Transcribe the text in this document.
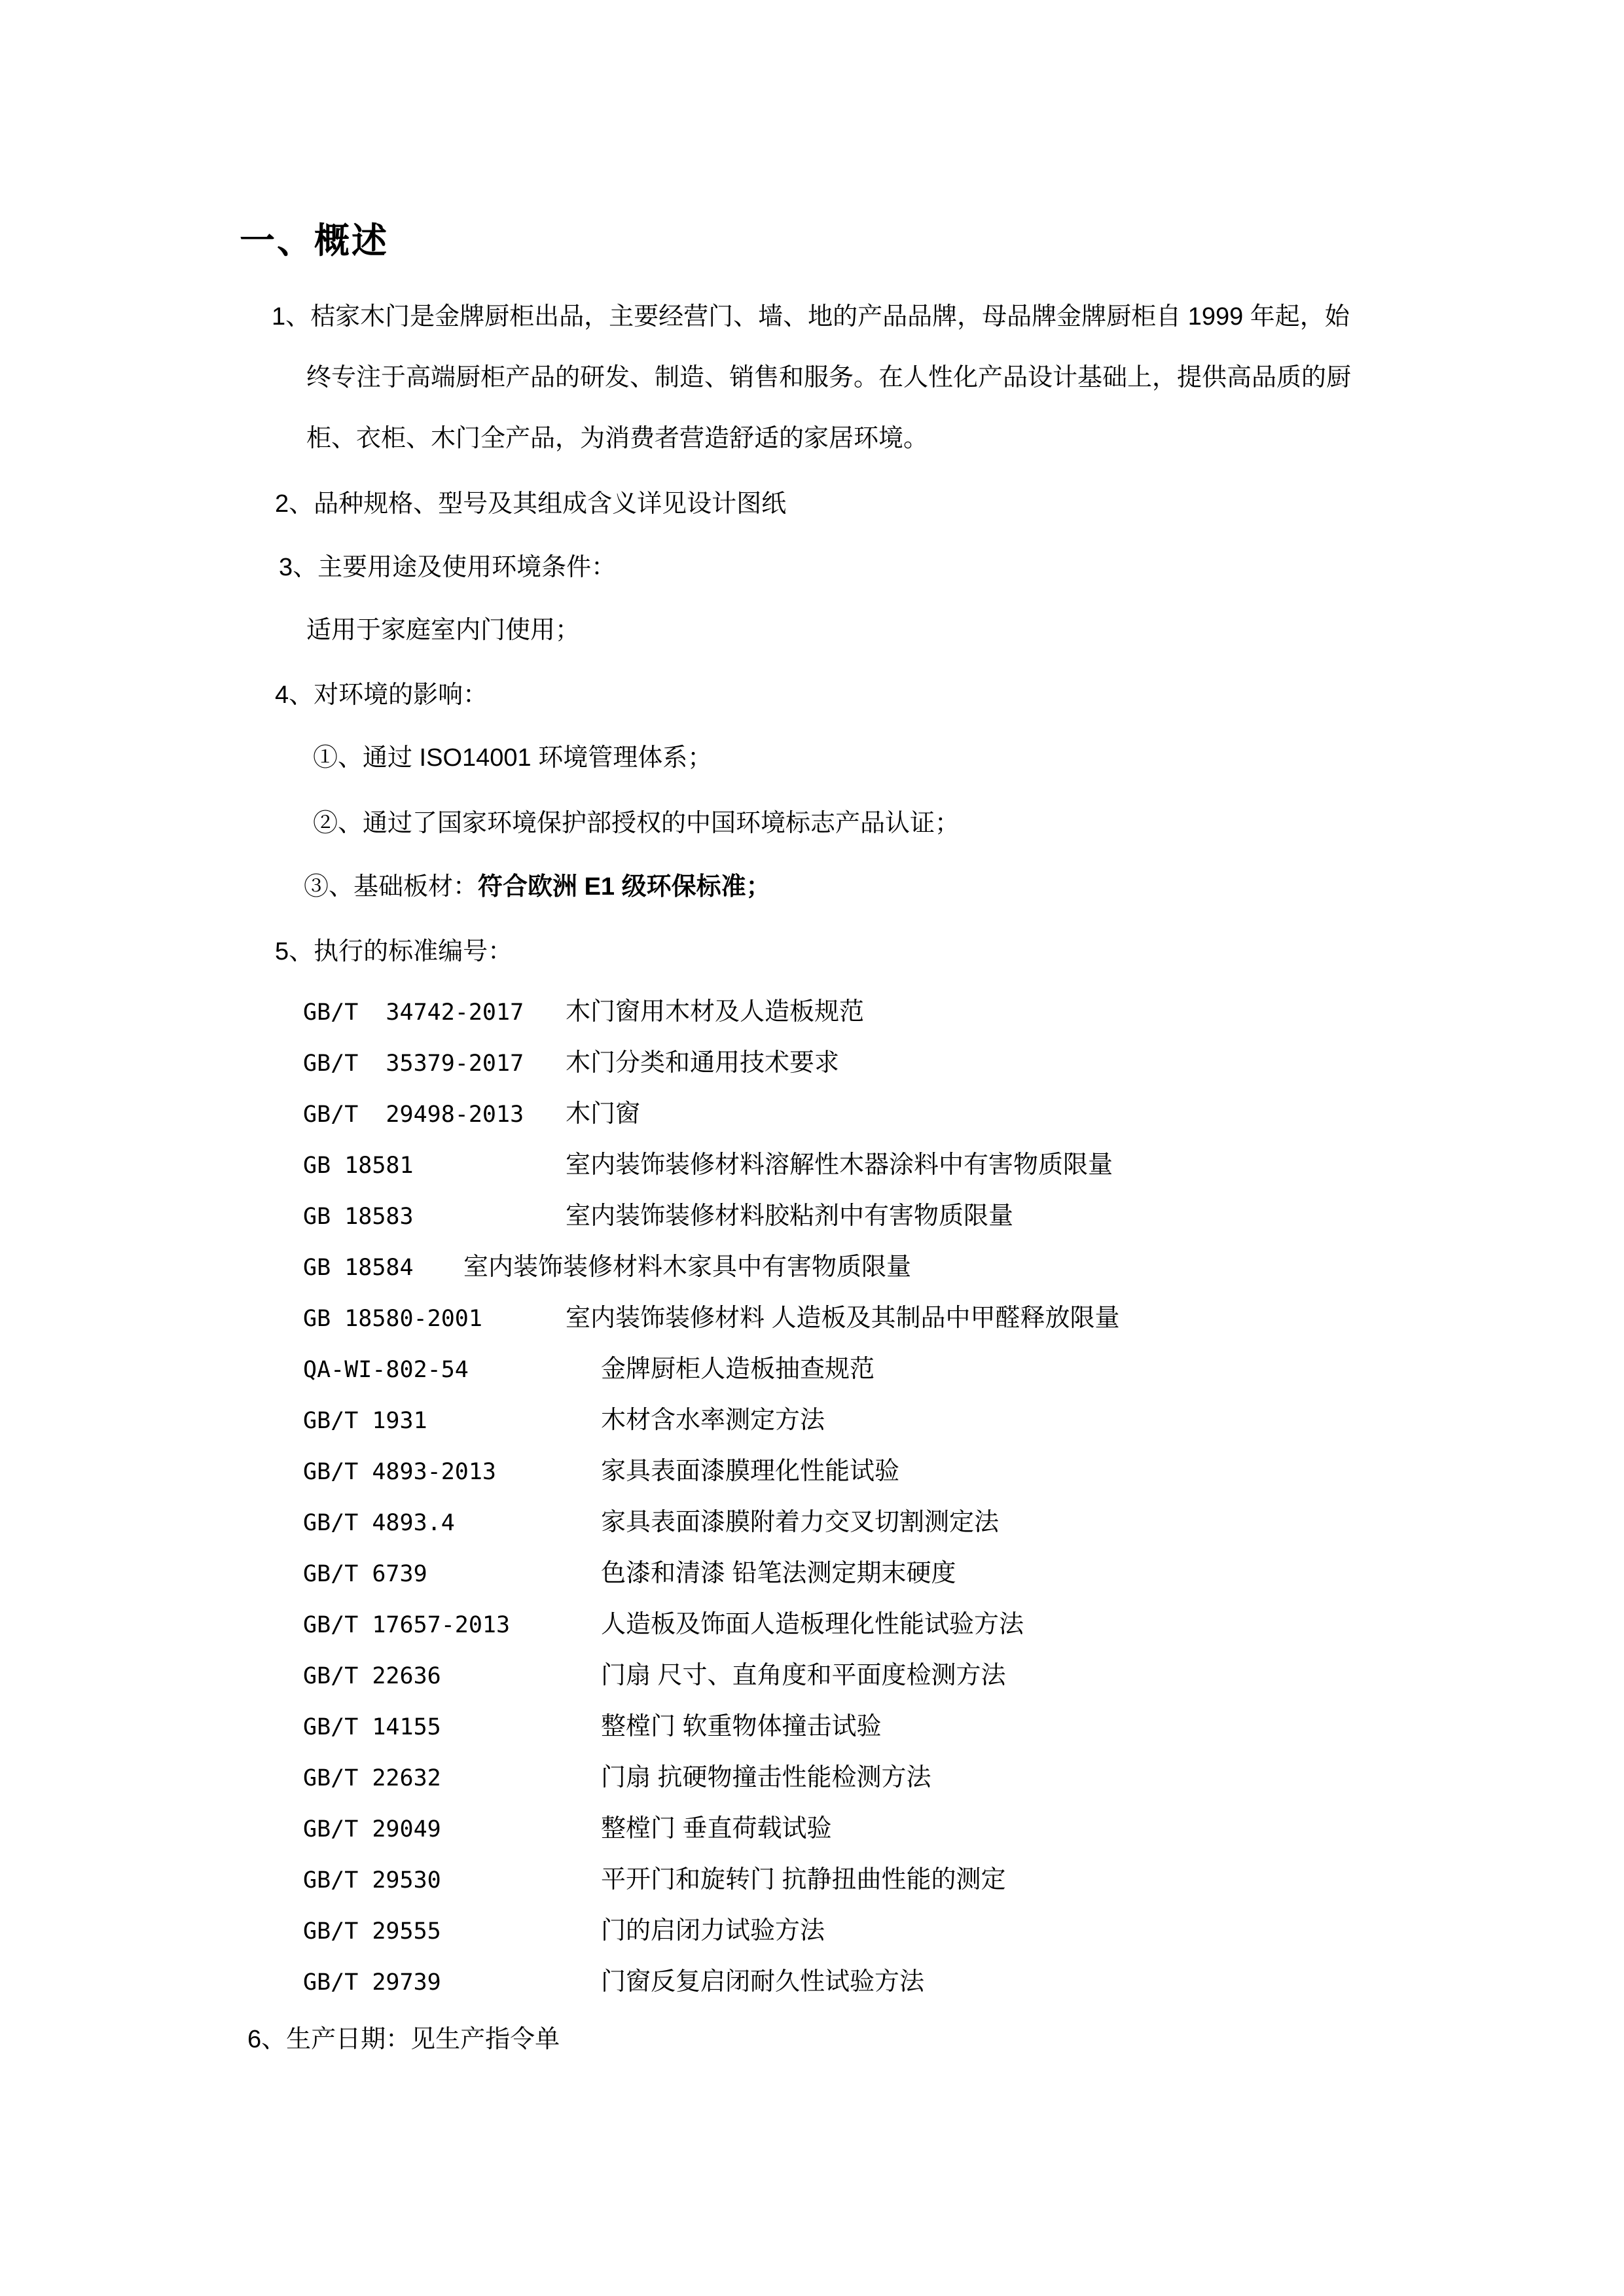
一、概述
1、桔家木门是金牌厨柜出品，主要经营门、墙、地的产品品牌，母品牌金牌厨柜自 1999 年起，始
终专注于高端厨柜产品的研发、制造、销售和服务。在人性化产品设计基础上，提供高品质的厨
柜、衣柜、木门全产品，为消费者营造舒适的家居环境。
2、品种规格、型号及其组成含义详见设计图纸
3、主要用途及使用环境条件：
适用于家庭室内门使用；
4、对环境的影响：
①、通过 ISO14001 环境管理体系；
②、通过了国家环境保护部授权的中国环境标志产品认证；
③、基础板材：符合欧洲 E1 级环保标准；
5、执行的标准编号：
GB/T  34742-2017 木门窗用木材及人造板规范
GB/T  35379-2017 木门分类和通用技术要求
GB/T  29498-2013 木门窗
GB 18581	室内装饰装修材料溶解性木器涂料中有害物质限量
GB 18583	室内装饰装修材料胶粘剂中有害物质限量
GB 18584 室内装饰装修材料木家具中有害物质限量
GB 18580-2001	室内装饰装修材料 人造板及其制品中甲醛释放限量
QA-WI-802-54	金牌厨柜人造板抽查规范
GB/T 1931	木材含水率测定方法
GB/T 4893-2013	家具表面漆膜理化性能试验
GB/T 4893.4	家具表面漆膜附着力交叉切割测定法
GB/T 6739	色漆和清漆 铅笔法测定期末硬度
GB/T 17657-2013	人造板及饰面人造板理化性能试验方法
GB/T 22636	门扇 尺寸、直角度和平面度检测方法
GB/T 14155	整樘门 软重物体撞击试验
GB/T 22632	门扇 抗硬物撞击性能检测方法
GB/T 29049	整樘门 垂直荷载试验
GB/T 29530	平开门和旋转门 抗静扭曲性能的测定
GB/T 29555	门的启闭力试验方法
GB/T 29739	门窗反复启闭耐久性试验方法
6、生产日期：见生产指令单
